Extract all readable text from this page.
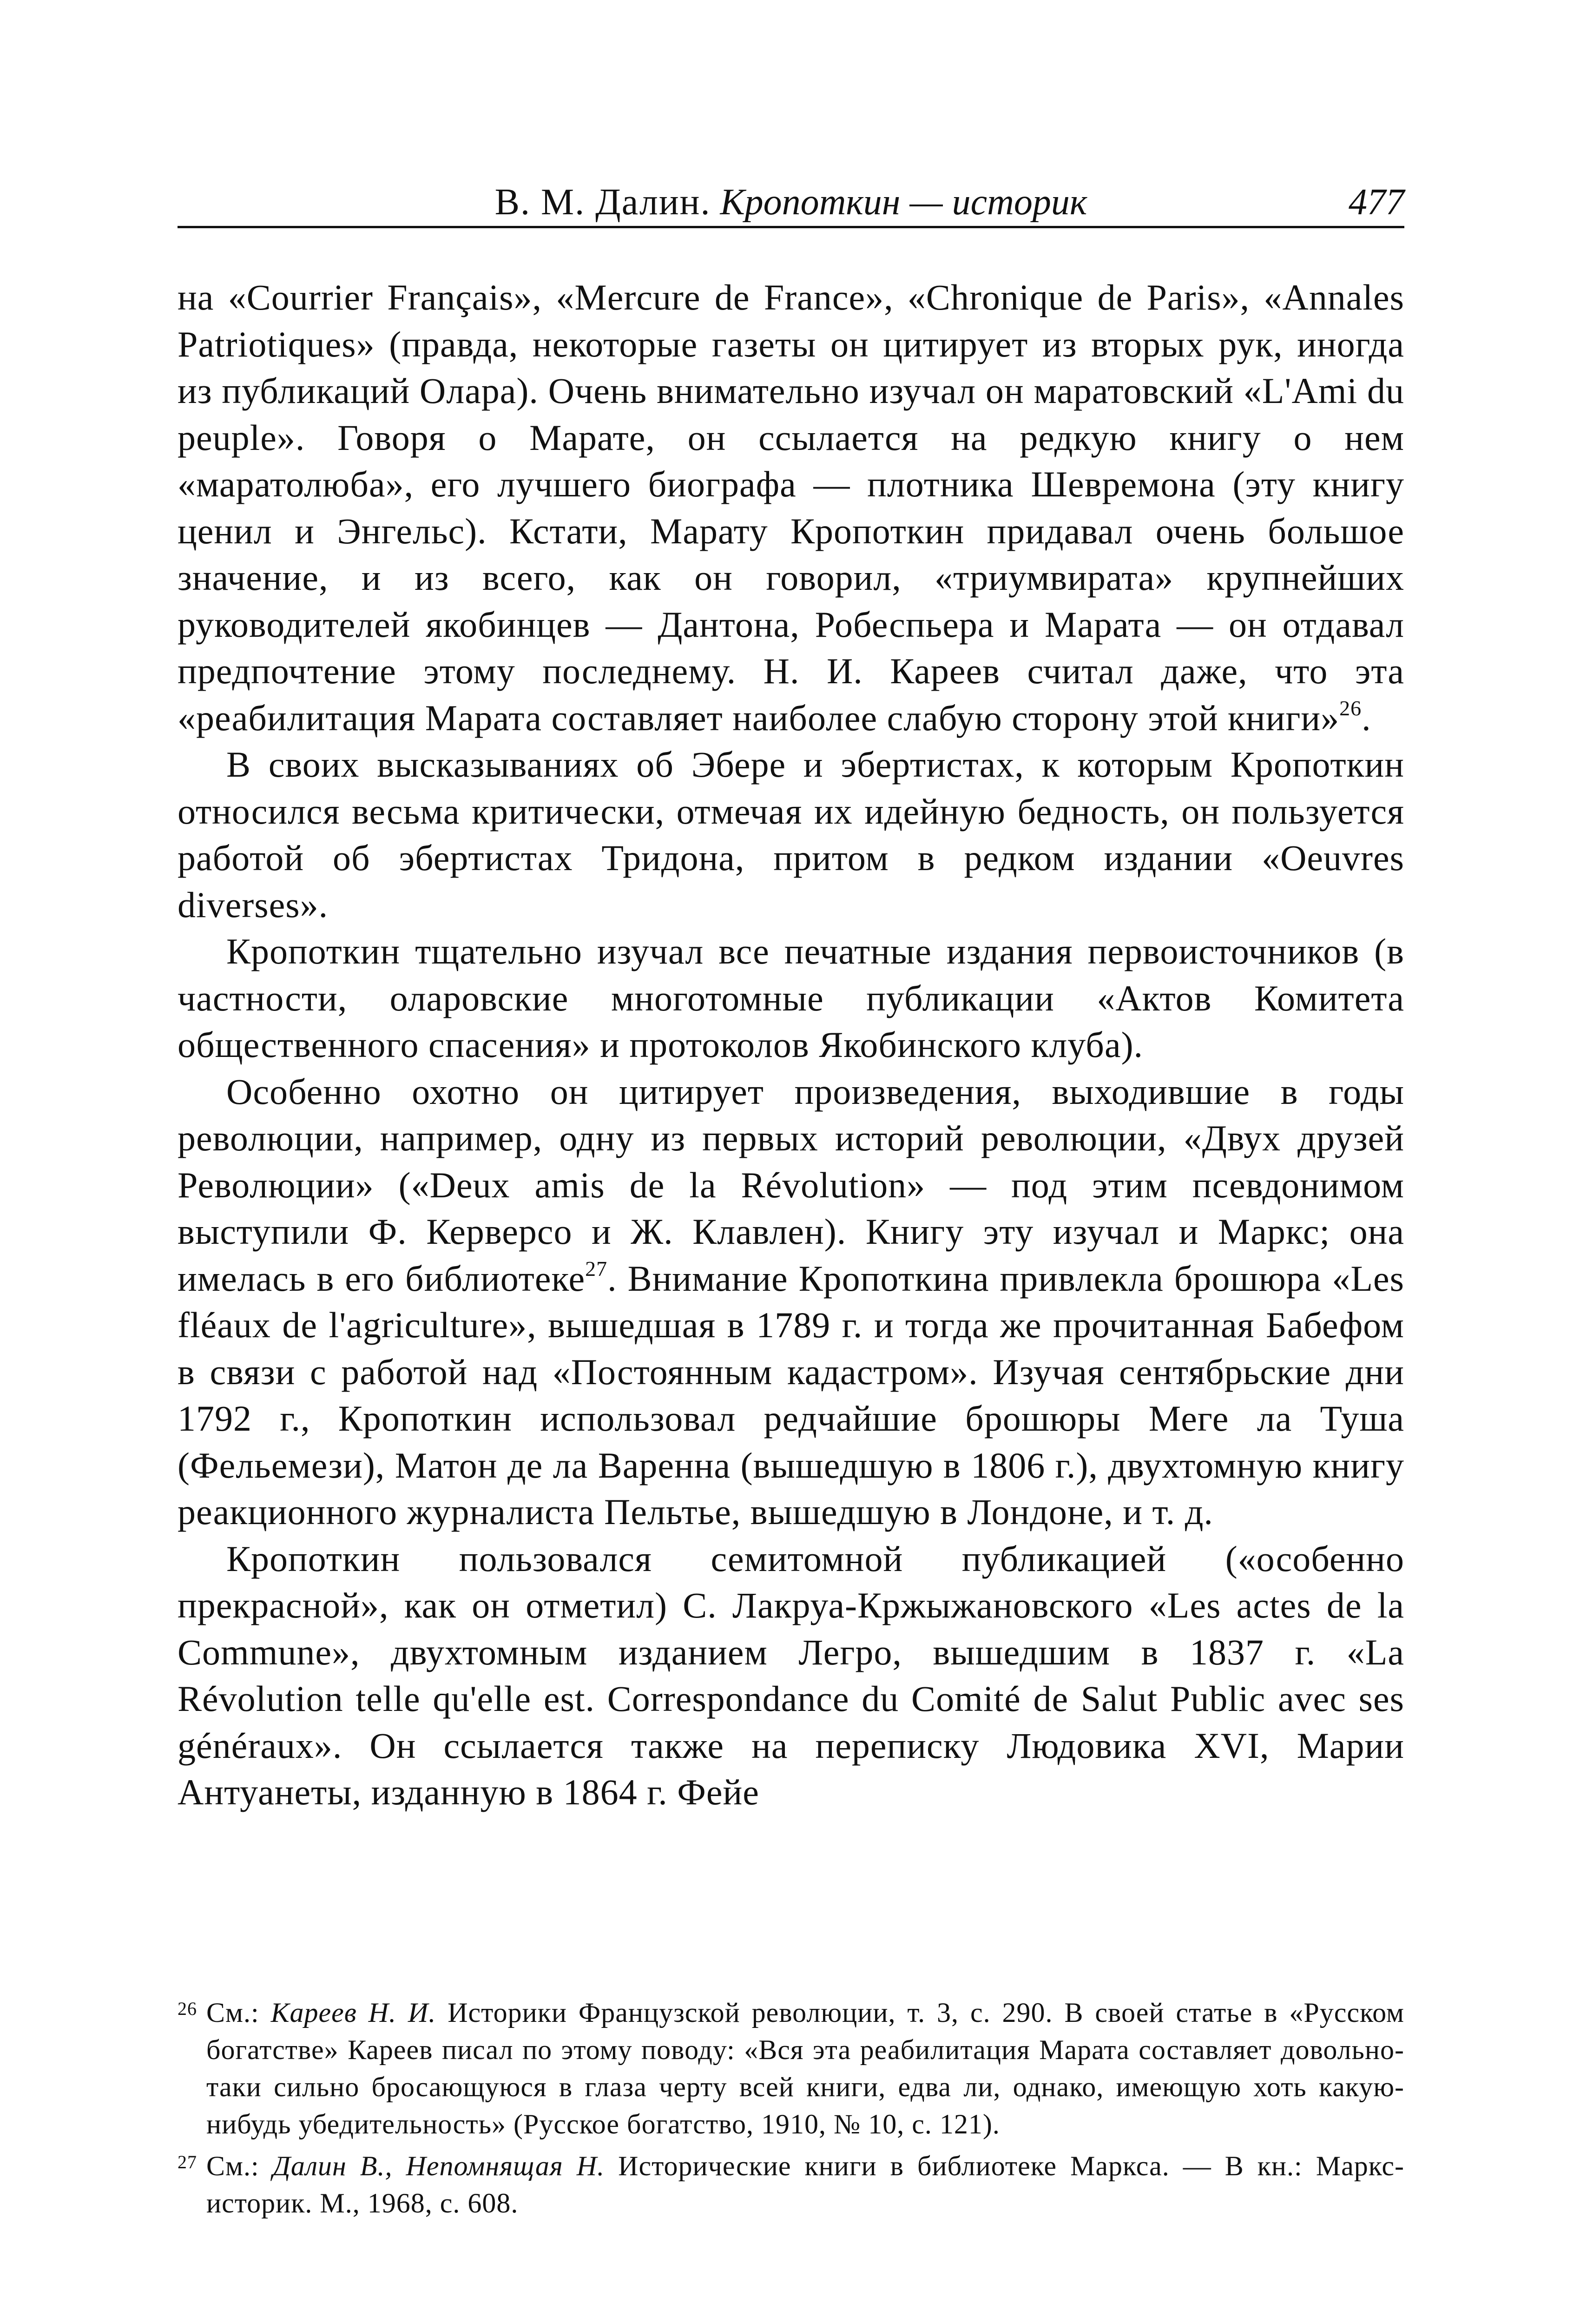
В. М. Далин. Кропоткин — историк	477

на «Courrier Français», «Mercure de France», «Chronique de Paris», «Annales Patriotiques» (правда, некоторые газеты он цитирует из вторых рук, иногда из публикаций Олара). Очень внимательно изучал он маратовский «L'Ami du peuple». Говоря о Марате, он ссылается на редкую книгу о нем «маратолюба», его лучшего биографа — плотника Шевремона (эту книгу ценил и Энгельс). Кстати, Марату Кропоткин придавал очень большое значение, и из всего, как он говорил, «триумвирата» крупнейших руководителей якобинцев — Дантона, Робеспьера и Марата — он отдавал предпочтение этому последнему. Н. И. Кареев считал даже, что эта «реабилитация Марата составляет наиболее слабую сторону этой книги»$^{26}$.

В своих высказываниях об Эбере и эбертистах, к которым Кропоткин относился весьма критически, отмечая их идейную бедность, он пользуется работой об эбертистах Тридона, притом в редком издании «Oeuvres diverses».

Кропоткин тщательно изучал все печатные издания первоисточников (в частности, оларовские многотомные публикации «Актов Комитета общественного спасения» и протоколов Якобинского клуба).

Особенно охотно он цитирует произведения, выходившие в годы революции, например, одну из первых историй революции, «Двух друзей Революции» («Deux amis de la Révolution» — под этим псевдонимом выступили Ф. Керверсо и Ж. Клавлен). Книгу эту изучал и Маркс; она имелась в его библиотеке$^{27}$. Внимание Кропоткина привлекла брошюра «Les fléaux de l'agriculture», вышедшая в 1789 г. и тогда же прочитанная Бабефом в связи с работой над «Постоянным кадастром». Изучая сентябрьские дни 1792 г., Кропоткин использовал редчайшие брошюры Меге ла Туша (Фельемези), Матон де ла Варенна (вышедшую в 1806 г.), двухтомную книгу реакционного журналиста Пельтье, вышедшую в Лондоне, и т. д.

Кропоткин пользовался семитомной публикацией («особенно прекрасной», как он отметил) С. Лакруа-Кржыжановского «Les actes de la Commune», двухтомным изданием Легро, вышедшим в 1837 г. «La Révolution telle qu'elle est. Correspondance du Comité de Salut Public avec ses généraux». Он ссылается также на переписку Людовика XVI, Марии Антуанеты, изданную в 1864 г. Фейе

26 См.: Кареев Н. И. Историки Французской революции, т. 3, с. 290. В своей статье в «Русском богатстве» Кареев писал по этому поводу: «Вся эта реабилитация Марата составляет довольно-таки сильно бросающуюся в глаза черту всей книги, едва ли, однако, имеющую хоть какую-нибудь убедительность» (Русское богатство, 1910, № 10, с. 121).

27 См.: Далин В., Непомнящая Н. Исторические книги в библиотеке Маркса. — В кн.: Маркс-историк. М., 1968, с. 608.
